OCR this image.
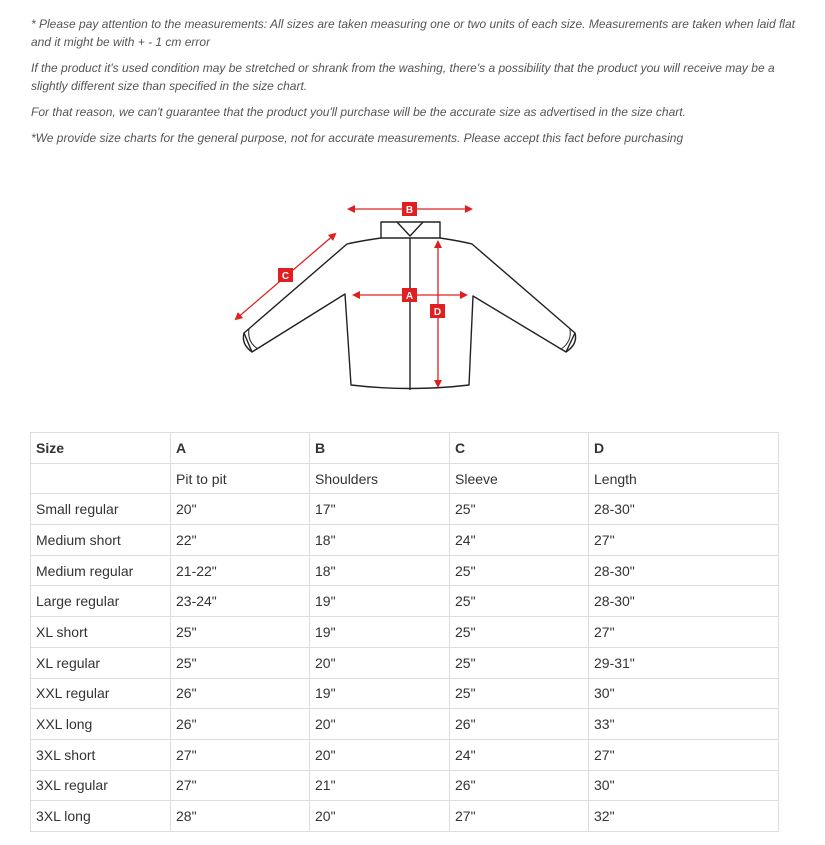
* Please pay attention to the measurements: All sizes are taken measuring one or two units of each size. Measurements are taken when laid flat and it might be with + - 1 cm error

If the product it's used condition may be stretched or shrank from the washing, there's a possibility that the product you will receive may be a slightly different size than specified in the size chart.

For that reason, we can't guarantee that the product you'll purchase will be the accurate size as advertised in the size chart.

*We provide size charts for the general purpose, not for accurate measurements. Please accept this fact before purchasing

B
C
A
D
Size	A	B	C	D
	Pit to pit	Shoulders	Sleeve	Length
Small regular	20"	17"	25"	28-30"
Medium short	22"	18"	24"	27"
Medium regular	21-22"	18"	25"	28-30"
Large regular	23-24"	19"	25"	28-30"
XL short	25"	19"	25"	27"
XL regular	25"	20"	25"	29-31"
XXL regular	26"	19"	25"	30"
XXL long	26"	20"	26"	33"
3XL short	27"	20"	24"	27"
3XL regular	27"	21"	26"	30"
3XL long	28"	20"	27"	32"
